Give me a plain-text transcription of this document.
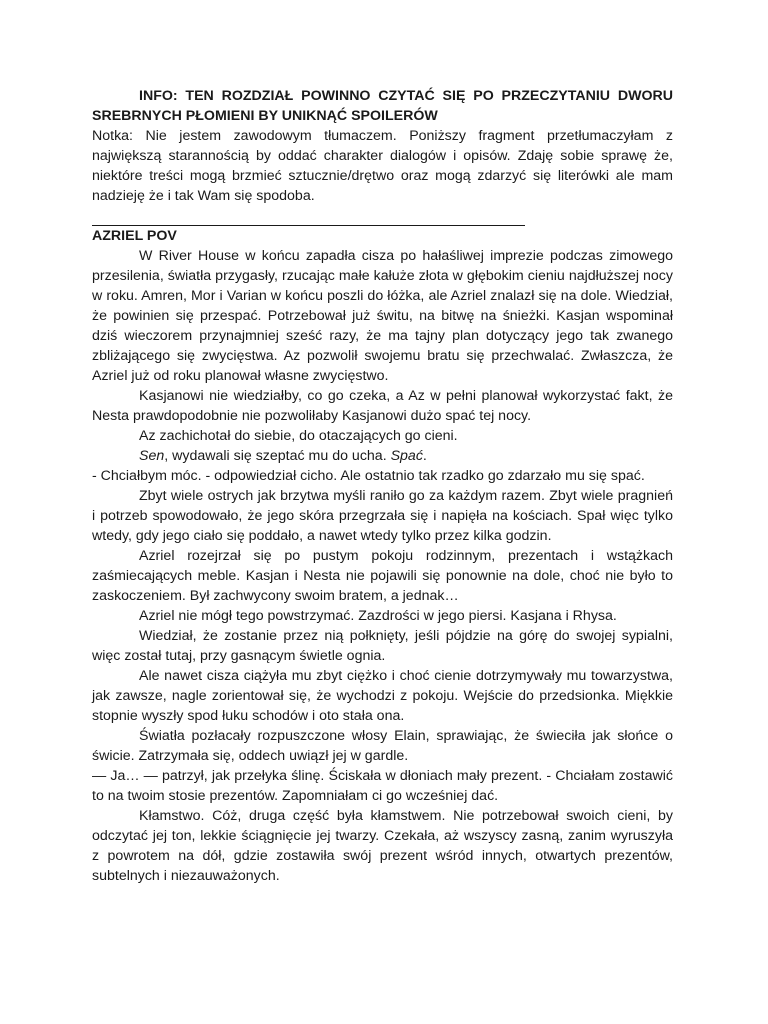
INFO: TEN ROZDZIAŁ POWINNO CZYTAĆ SIĘ PO PRZECZYTANIU DWORU SREBRNYCH PŁOMIENI BY UNIKNĄĆ SPOILERÓW

Notka: Nie jestem zawodowym tłumaczem. Poniższy fragment przetłumaczyłam z największą starannością by oddać charakter dialogów i opisów. Zdaję sobie sprawę że, niektóre treści mogą brzmieć sztucznie/drętwo oraz mogą zdarzyć się literówki ale mam nadzieję że i tak Wam się spodoba.

AZRIEL POV

W River House w końcu zapadła cisza po hałaśliwej imprezie podczas zimowego przesilenia, światła przygasły, rzucając małe kałuże złota w głębokim cieniu najdłuższej nocy w roku. Amren, Mor i Varian w końcu poszli do łóżka, ale Azriel znalazł się na dole. Wiedział, że powinien się przespać. Potrzebował już świtu, na bitwę na śnieżki. Kasjan wspominał dziś wieczorem przynajmniej sześć razy, że ma tajny plan dotyczący jego tak zwanego zbliżającego się zwycięstwa. Az pozwolił swojemu bratu się przechwalać. Zwłaszcza, że Azriel już od roku planował własne zwycięstwo.

Kasjanowi nie wiedziałby, co go czeka, a Az w pełni planował wykorzystać fakt, że Nesta prawdopodobnie nie pozwoliłaby Kasjanowi dużo spać tej nocy.

Az zachichotał do siebie, do otaczających go cieni.

Sen, wydawali się szeptać mu do ucha. Spać.

- Chciałbym móc. - odpowiedział cicho. Ale ostatnio tak rzadko go zdarzało mu się spać.

Zbyt wiele ostrych jak brzytwa myśli raniło go za każdym razem. Zbyt wiele pragnień i potrzeb spowodowało, że jego skóra przegrzała się i napięła na kościach. Spał więc tylko wtedy, gdy jego ciało się poddało, a nawet wtedy tylko przez kilka godzin.

Azriel rozejrzał się po pustym pokoju rodzinnym, prezentach i wstążkach zaśmiecających meble. Kasjan i Nesta nie pojawili się ponownie na dole, choć nie było to zaskoczeniem. Był zachwycony swoim bratem, a jednak…

Azriel nie mógł tego powstrzymać. Zazdrości w jego piersi. Kasjana i Rhysa.

Wiedział, że zostanie przez nią połknięty, jeśli pójdzie na górę do swojej sypialni, więc został tutaj, przy gasnącym świetle ognia.

Ale nawet cisza ciążyła mu zbyt ciężko i choć cienie dotrzymywały mu towarzystwa, jak zawsze, nagle zorientował się, że wychodzi z pokoju. Wejście do przedsionka. Miękkie stopnie wyszły spod łuku schodów i oto stała ona.

Światła pozłacały rozpuszczone włosy Elain, sprawiając, że świeciła jak słońce o świcie. Zatrzymała się, oddech uwiązł jej w gardle.

— Ja… — patrzył, jak przełyka ślinę. Ściskała w dłoniach mały prezent. - Chciałam zostawić to na twoim stosie prezentów. Zapomniałam ci go wcześniej dać.

Kłamstwo. Cóż, druga część była kłamstwem. Nie potrzebował swoich cieni, by odczytać jej ton, lekkie ściągnięcie jej twarzy. Czekała, aż wszyscy zasną, zanim wyruszyła z powrotem na dół, gdzie zostawiła swój prezent wśród innych, otwartych prezentów, subtelnych i niezauważonych.
